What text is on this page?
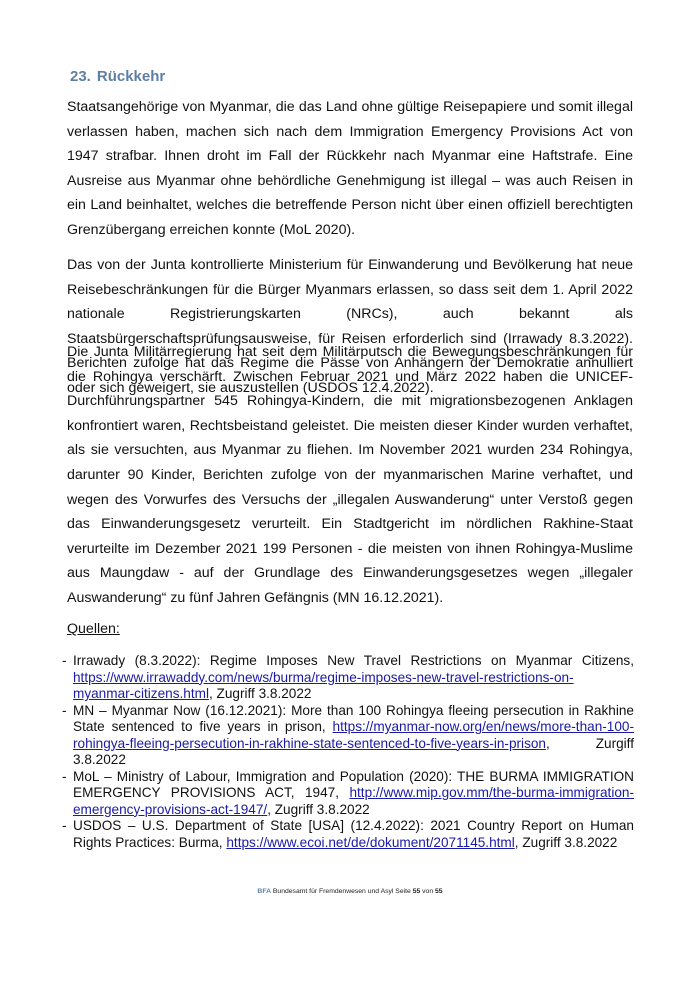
23. Rückkehr

Staatsangehörige von Myanmar, die das Land ohne gültige Reisepapiere und somit illegal verlassen haben, machen sich nach dem Immigration Emergency Provisions Act von 1947 strafbar. Ihnen droht im Fall der Rückkehr nach Myanmar eine Haftstrafe. Eine Ausreise aus Myanmar ohne behördliche Genehmigung ist illegal – was auch Reisen in ein Land beinhaltet, welches die betreffende Person nicht über einen offiziell berechtigten Grenzübergang erreichen konnte (MoL 2020).

Das von der Junta kontrollierte Ministerium für Einwanderung und Bevölkerung hat neue Reisebeschränkungen für die Bürger Myanmars erlassen, so dass seit dem 1. April 2022 nationale Registrierungskarten (NRCs), auch bekannt als Staatsbürgerschaftsprüfungsausweise, für Reisen erforderlich sind (Irrawady 8.3.2022). Berichten zufolge hat das Regime die Pässe von Anhängern der Demokratie annulliert oder sich geweigert, sie auszustellen (USDOS 12.4.2022).

Die Junta Militärregierung hat seit dem Militärputsch die Bewegungsbeschränkungen für die Rohingya verschärft. Zwischen Februar 2021 und März 2022 haben die UNICEF-Durchführungspartner 545 Rohingya-Kindern, die mit migrationsbezogenen Anklagen konfrontiert waren, Rechtsbeistand geleistet. Die meisten dieser Kinder wurden verhaftet, als sie versuchten, aus Myanmar zu fliehen. Im November 2021 wurden 234 Rohingya, darunter 90 Kinder, Berichten zufolge von der myanmarischen Marine verhaftet, und wegen des Vorwurfes des Versuchs der „illegalen Auswanderung“ unter Verstoß gegen das Einwanderungsgesetz verurteilt. Ein Stadtgericht im nördlichen Rakhine-Staat verurteilte im Dezember 2021 199 Personen - die meisten von ihnen Rohingya-Muslime aus Maungdaw - auf der Grundlage des Einwanderungsgesetzes wegen „illegaler Auswanderung“ zu fünf Jahren Gefängnis (MN 16.12.2021).

Quellen:
- Irrawady (8.3.2022): Regime Imposes New Travel Restrictions on Myanmar Citizens, https://www.irrawaddy.com/news/burma/regime-imposes-new-travel-restrictions-on-myanmar-citizens.html, Zugriff 3.8.2022
- MN – Myanmar Now (16.12.2021): More than 100 Rohingya fleeing persecution in Rakhine State sentenced to five years in prison, https://myanmar-now.org/en/news/more-than-100-rohingya-fleeing-persecution-in-rakhine-state-sentenced-to-five-years-in-prison, Zurgiff 3.8.2022
- MoL – Ministry of Labour, Immigration and Population (2020): THE BURMA IMMIGRATION EMERGENCY PROVISIONS ACT, 1947, http://www.mip.gov.mm/the-burma-immigration-emergency-provisions-act-1947/, Zugriff 3.8.2022
- USDOS – U.S. Department of State [USA] (12.4.2022): 2021 Country Report on Human Rights Practices: Burma, https://www.ecoi.net/de/dokument/2071145.html, Zugriff 3.8.2022
BFA Bundesamt für Fremdenwesen und Asyl Seite 55 von 55
